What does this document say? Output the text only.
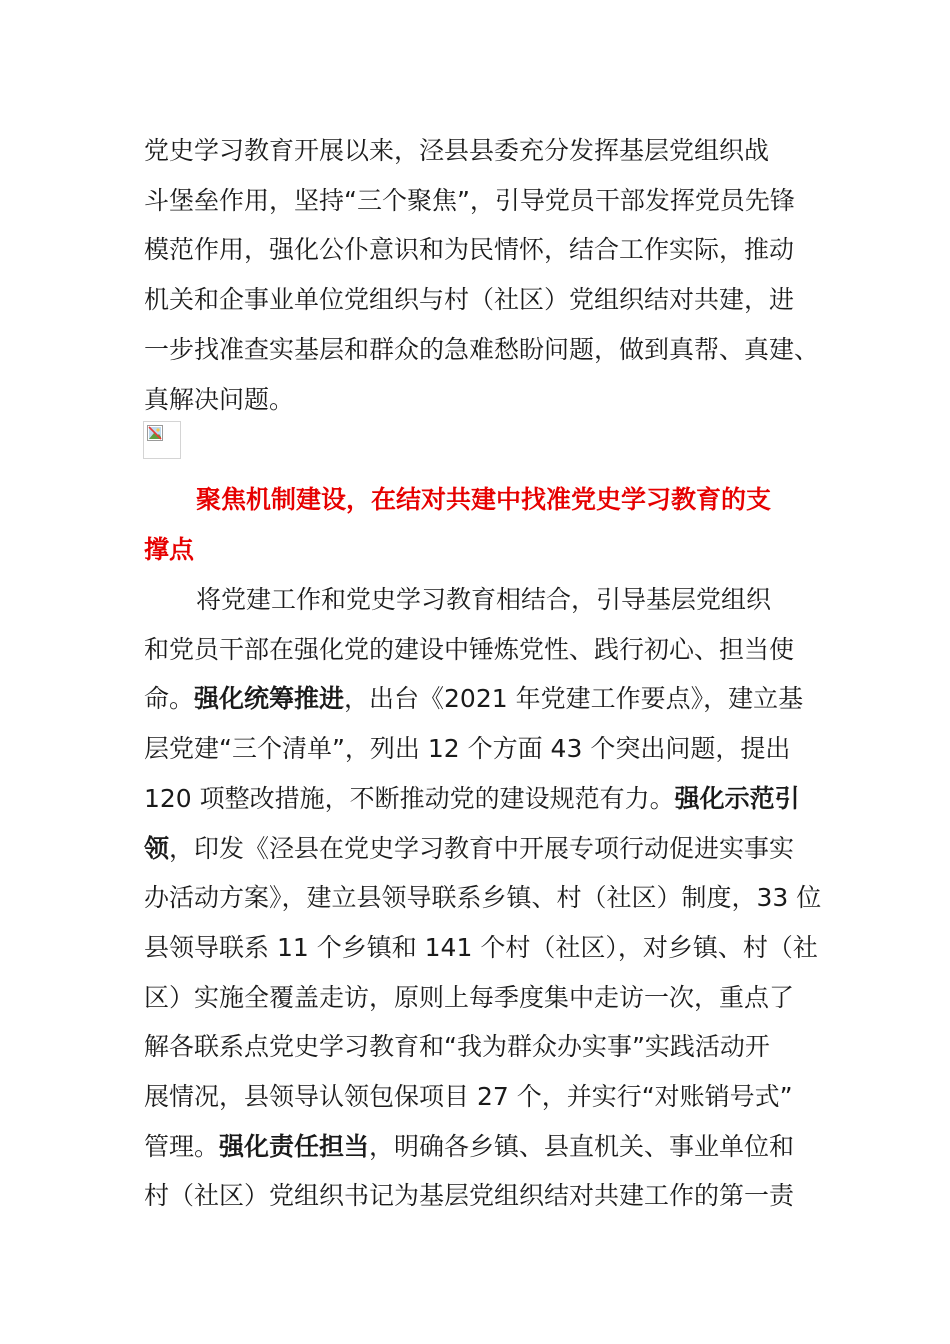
党史学习教育开展以来，泾县县委充分发挥基层党组织战
斗堡垒作用，坚持“三个聚焦”，引导党员干部发挥党员先锋
模范作用，强化公仆意识和为民情怀，结合工作实际，推动
机关和企事业单位党组织与村（社区）党组织结对共建，进
一步找准查实基层和群众的急难愁盼问题，做到真帮、真建、
真解决问题。
聚焦机制建设，在结对共建中找准党史学习教育的支
撑点
将党建工作和党史学习教育相结合，引导基层党组织
和党员干部在强化党的建设中锤炼党性、践行初心、担当使
命。强化统筹推进，出台《2021 年党建工作要点》，建立基
层党建“三个清单”，列出 12 个方面 43 个突出问题，提出
120 项整改措施，不断推动党的建设规范有力。强化示范引
领，印发《泾县在党史学习教育中开展专项行动促进实事实
办活动方案》，建立县领导联系乡镇、村（社区）制度，33 位
县领导联系 11 个乡镇和 141 个村（社区），对乡镇、村（社
区）实施全覆盖走访，原则上每季度集中走访一次，重点了
解各联系点党史学习教育和“我为群众办实事”实践活动开
展情况，县领导认领包保项目 27 个，并实行“对账销号式”
管理。强化责任担当，明确各乡镇、县直机关、事业单位和
村（社区）党组织书记为基层党组织结对共建工作的第一责
